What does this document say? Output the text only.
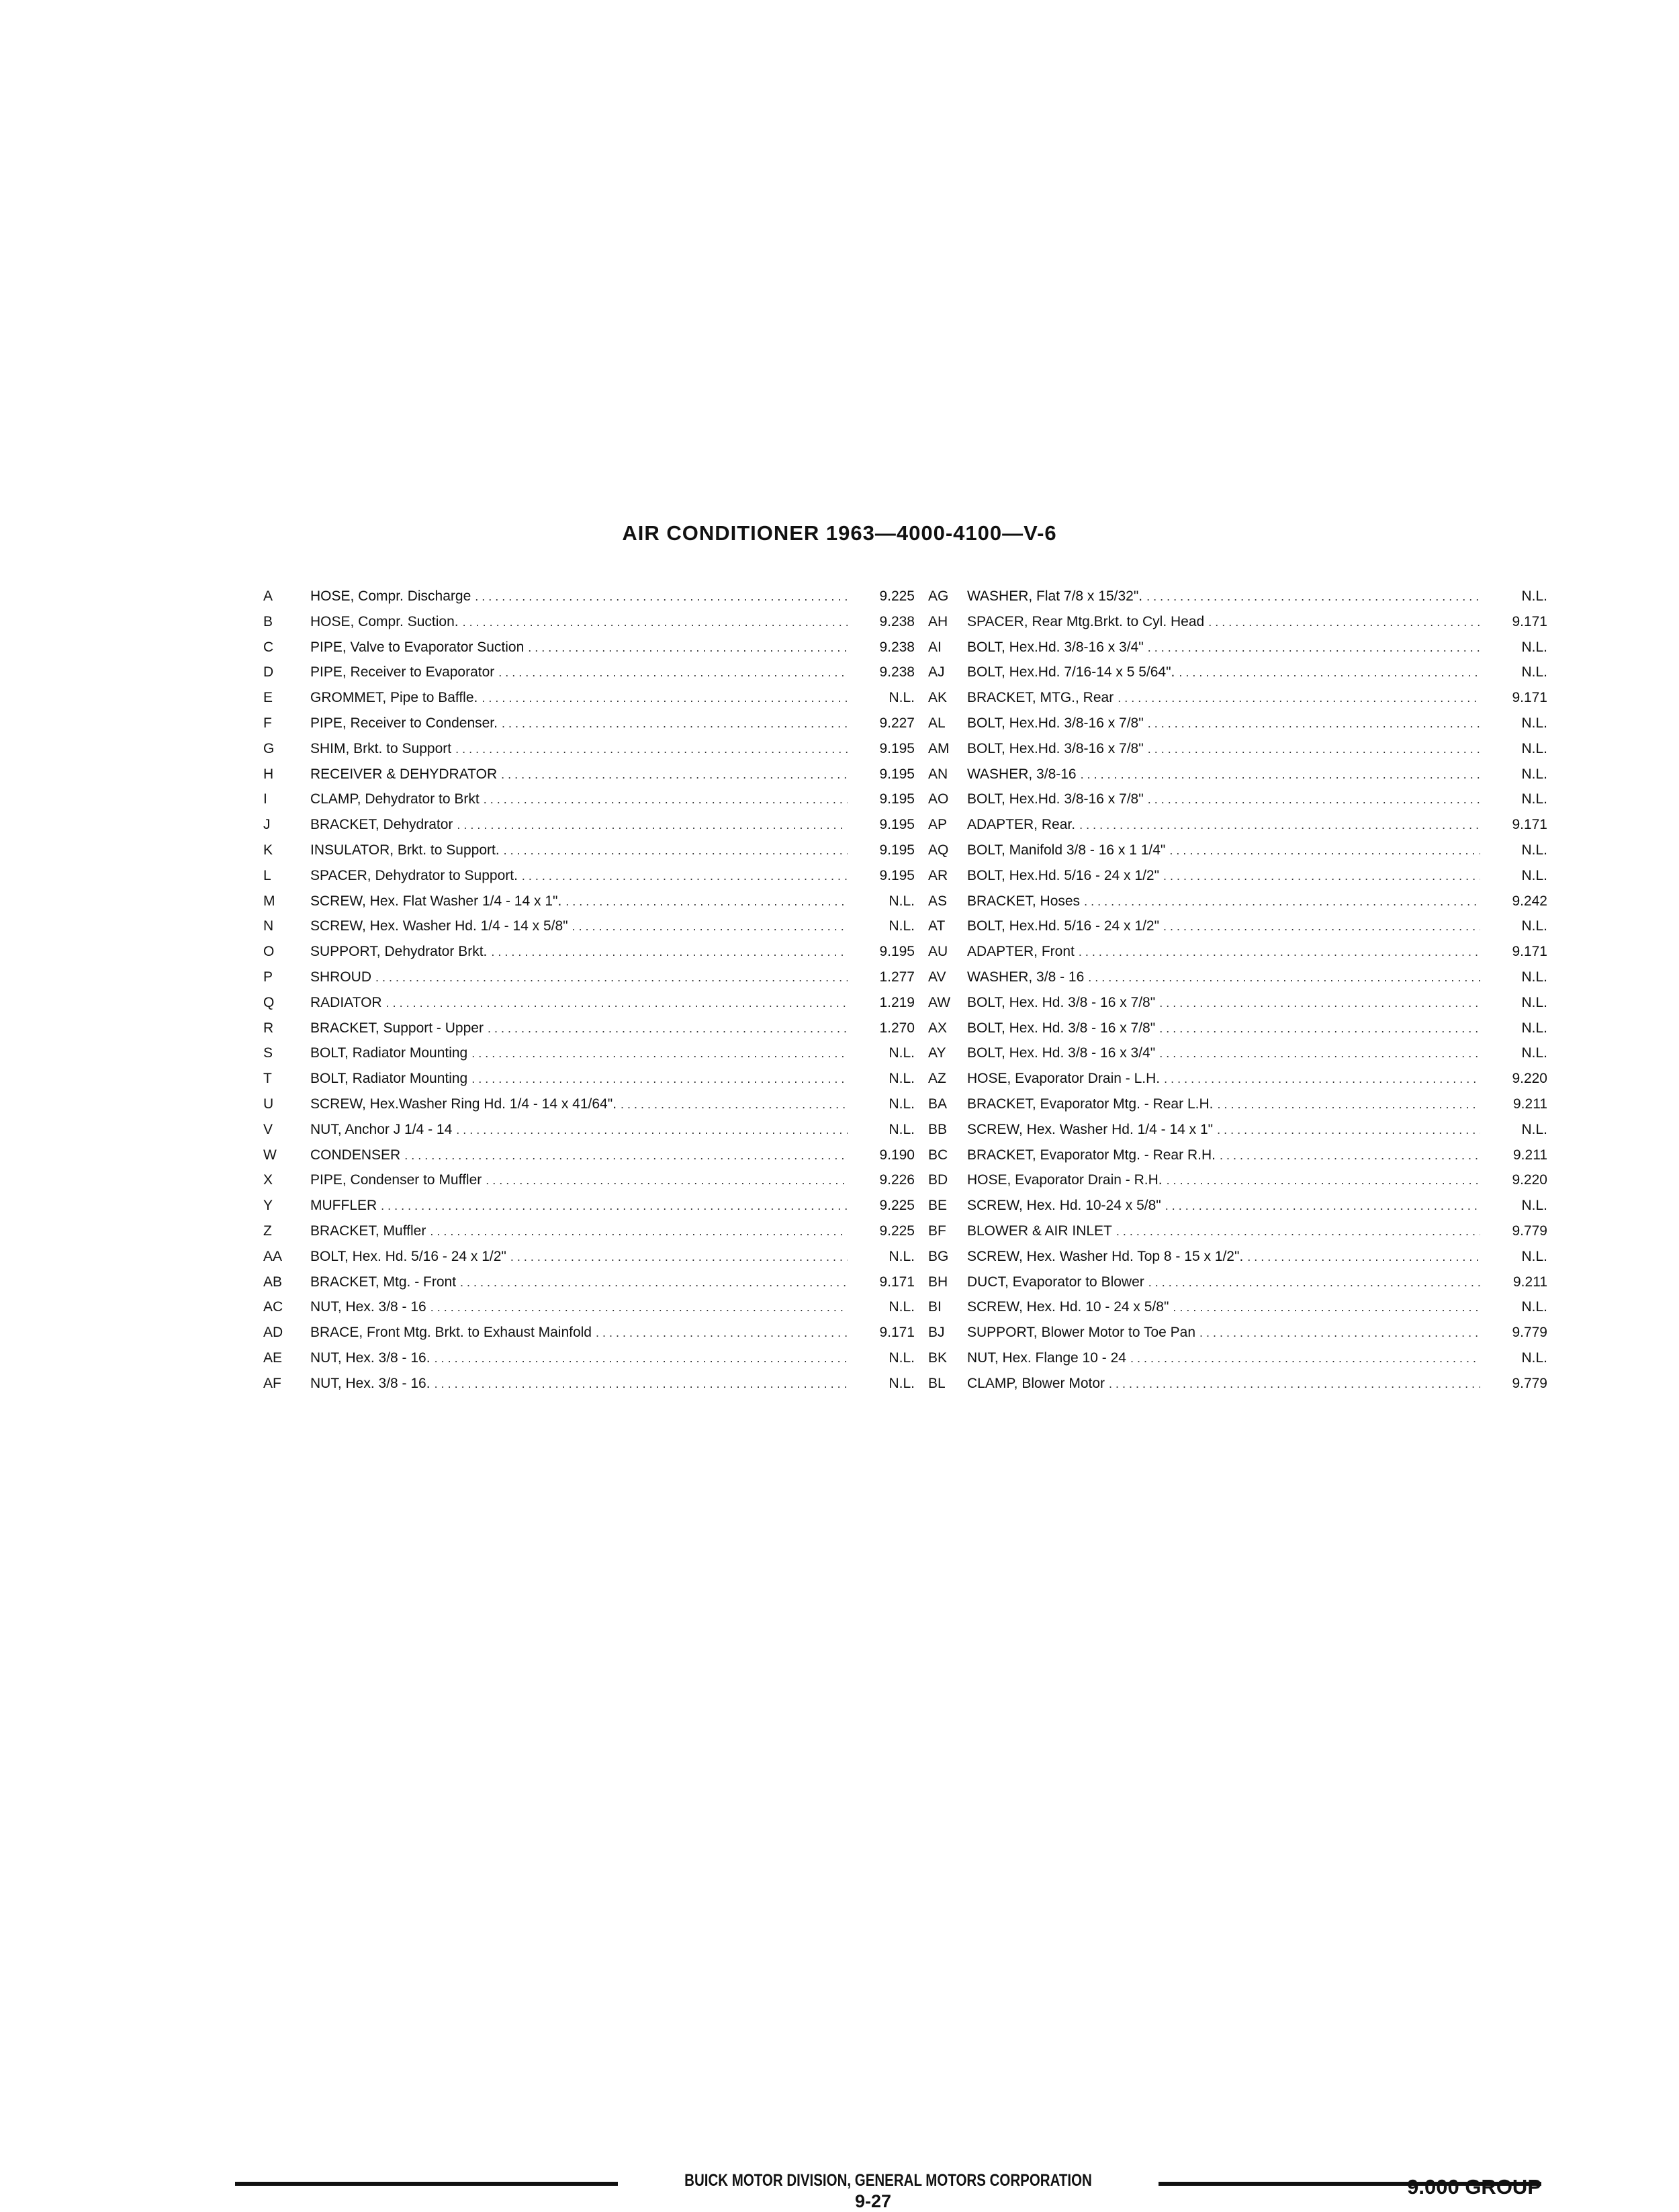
AIR CONDITIONER 1963—4000-4100—V-6
A	HOSE, Compr. Discharge . . .	9.225
B	HOSE, Compr. Suction. . . .	9.238
C	PIPE, Valve to Evaporator Suction . . .	9.238
D	PIPE, Receiver to Evaporator . . .	9.238
E	GROMMET, Pipe to Baffle. . . .	N.L.
F	PIPE, Receiver to Condenser. . . .	9.227
G	SHIM, Brkt. to Support . . .	9.195
H	RECEIVER & DEHYDRATOR . . .	9.195
I	CLAMP, Dehydrator to Brkt . . .	9.195
J	BRACKET, Dehydrator . . .	9.195
K	INSULATOR, Brkt. to Support. . . .	9.195
L	SPACER, Dehydrator to Support. . . .	9.195
M	SCREW, Hex. Flat Washer 1/4 - 14 x 1". . . .	N.L.
N	SCREW, Hex. Washer Hd. 1/4 - 14 x 5/8" . . .	N.L.
O	SUPPORT, Dehydrator Brkt. . . .	9.195
P	SHROUD . . .	1.277
Q	RADIATOR . . .	1.219
R	BRACKET, Support - Upper . . .	1.270
S	BOLT, Radiator Mounting . . .	N.L.
T	BOLT, Radiator Mounting . . .	N.L.
U	SCREW, Hex.Washer Ring Hd. 1/4 - 14 x 41/64". . . .	N.L.
V	NUT, Anchor J 1/4 - 14 . . .	N.L.
W	CONDENSER . . .	9.190
X	PIPE, Condenser to Muffler . . .	9.226
Y	MUFFLER . . .	9.225
Z	BRACKET, Muffler . . .	9.225
AA	BOLT, Hex. Hd. 5/16 - 24 x 1/2" . . .	N.L.
AB	BRACKET, Mtg. - Front . . .	9.171
AC	NUT, Hex. 3/8 - 16 . . .	N.L.
AD	BRACE, Front Mtg. Brkt. to Exhaust Mainfold . . .	9.171
AE	NUT, Hex. 3/8 - 16. . . .	N.L.
AF	NUT, Hex. 3/8 - 16. . . .	N.L.
AG	WASHER, Flat 7/8 x 15/32". . . .	N.L.
AH	SPACER, Rear Mtg.Brkt. to Cyl. Head . . .	9.171
AI	BOLT, Hex.Hd. 3/8-16 x 3/4" . . .	N.L.
AJ	BOLT, Hex.Hd. 7/16-14 x 5 5/64". . . .	N.L.
AK	BRACKET, MTG., Rear . . .	9.171
AL	BOLT, Hex.Hd. 3/8-16 x 7/8" . . .	N.L.
AM	BOLT, Hex.Hd. 3/8-16 x 7/8" . . .	N.L.
AN	WASHER, 3/8-16 . . .	N.L.
AO	BOLT, Hex.Hd. 3/8-16 x 7/8" . . .	N.L.
AP	ADAPTER, Rear. . . .	9.171
AQ	BOLT, Manifold 3/8 - 16 x 1 1/4" . . .	N.L.
AR	BOLT, Hex.Hd. 5/16 - 24 x 1/2" . . .	N.L.
AS	BRACKET, Hoses . . .	9.242
AT	BOLT, Hex.Hd. 5/16 - 24 x 1/2" . . .	N.L.
AU	ADAPTER, Front . . .	9.171
AV	WASHER, 3/8 - 16 . . .	N.L.
AW	BOLT, Hex. Hd. 3/8 - 16 x 7/8" . . .	N.L.
AX	BOLT, Hex. Hd. 3/8 - 16 x 7/8" . . .	N.L.
AY	BOLT, Hex. Hd. 3/8 - 16 x 3/4" . . .	N.L.
AZ	HOSE, Evaporator Drain - L.H. . . .	9.220
BA	BRACKET, Evaporator Mtg. - Rear L.H. . . .	9.211
BB	SCREW, Hex. Washer Hd. 1/4 - 14 x 1" . . .	N.L.
BC	BRACKET, Evaporator Mtg. - Rear R.H. . . .	9.211
BD	HOSE, Evaporator Drain - R.H. . . .	9.220
BE	SCREW, Hex. Hd. 10-24 x 5/8" . . .	N.L.
BF	BLOWER & AIR INLET . . .	9.779
BG	SCREW, Hex. Washer Hd. Top 8 - 15 x 1/2". . . .	N.L.
BH	DUCT, Evaporator to Blower . . .	9.211
BI	SCREW, Hex. Hd. 10 - 24 x 5/8" . . .	N.L.
BJ	SUPPORT, Blower Motor to Toe Pan . . .	9.779
BK	NUT, Hex. Flange 10 - 24 . . .	N.L.
BL	CLAMP, Blower Motor . . .	9.779
BUICK MOTOR DIVISION, GENERAL MOTORS CORPORATION
9-27
9.000 GROUP
